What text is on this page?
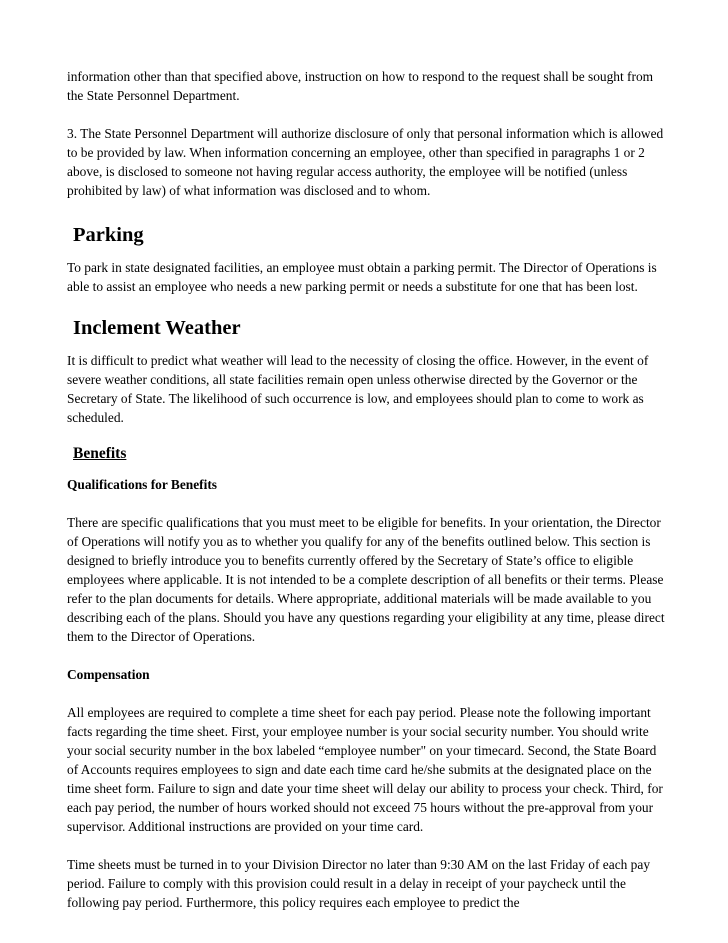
information other than that specified above, instruction on how to respond to the request shall be sought from the State Personnel Department.

3. The State Personnel Department will authorize disclosure of only that personal information which is allowed to be provided by law. When information concerning an employee, other than specified in paragraphs 1 or 2 above, is disclosed to someone not having regular access authority, the employee will be notified (unless prohibited by law) of what information was disclosed and to whom.

Parking

To park in state designated facilities, an employee must obtain a parking permit. The Director of Operations is able to assist an employee who needs a new parking permit or needs a substitute for one that has been lost.

Inclement Weather

It is difficult to predict what weather will lead to the necessity of closing the office. However, in the event of severe weather conditions, all state facilities remain open unless otherwise directed by the Governor or the Secretary of State. The likelihood of such occurrence is low, and employees should plan to come to work as scheduled.

Benefits
Qualifications for Benefits

There are specific qualifications that you must meet to be eligible for benefits. In your orientation, the Director of Operations will notify you as to whether you qualify for any of the benefits outlined below. This section is designed to briefly introduce you to benefits currently offered by the Secretary of State’s office to eligible employees where applicable. It is not intended to be a complete description of all benefits or their terms. Please refer to the plan documents for details. Where appropriate, additional materials will be made available to you describing each of the plans. Should you have any questions regarding your eligibility at any time, please direct them to the Director of Operations.

Compensation

All employees are required to complete a time sheet for each pay period. Please note the following important facts regarding the time sheet. First, your employee number is your social security number. You should write your social security number in the box labeled “employee number" on your timecard. Second, the State Board of Accounts requires employees to sign and date each time card he/she submits at the designated place on the time sheet form. Failure to sign and date your time sheet will delay our ability to process your check. Third, for each pay period, the number of hours worked should not exceed 75 hours without the pre-approval from your supervisor. Additional instructions are provided on your time card.

Time sheets must be turned in to your Division Director no later than 9:30 AM on the last Friday of each pay period. Failure to comply with this provision could result in a delay in receipt of your paycheck until the following pay period. Furthermore, this policy requires each employee to predict the
